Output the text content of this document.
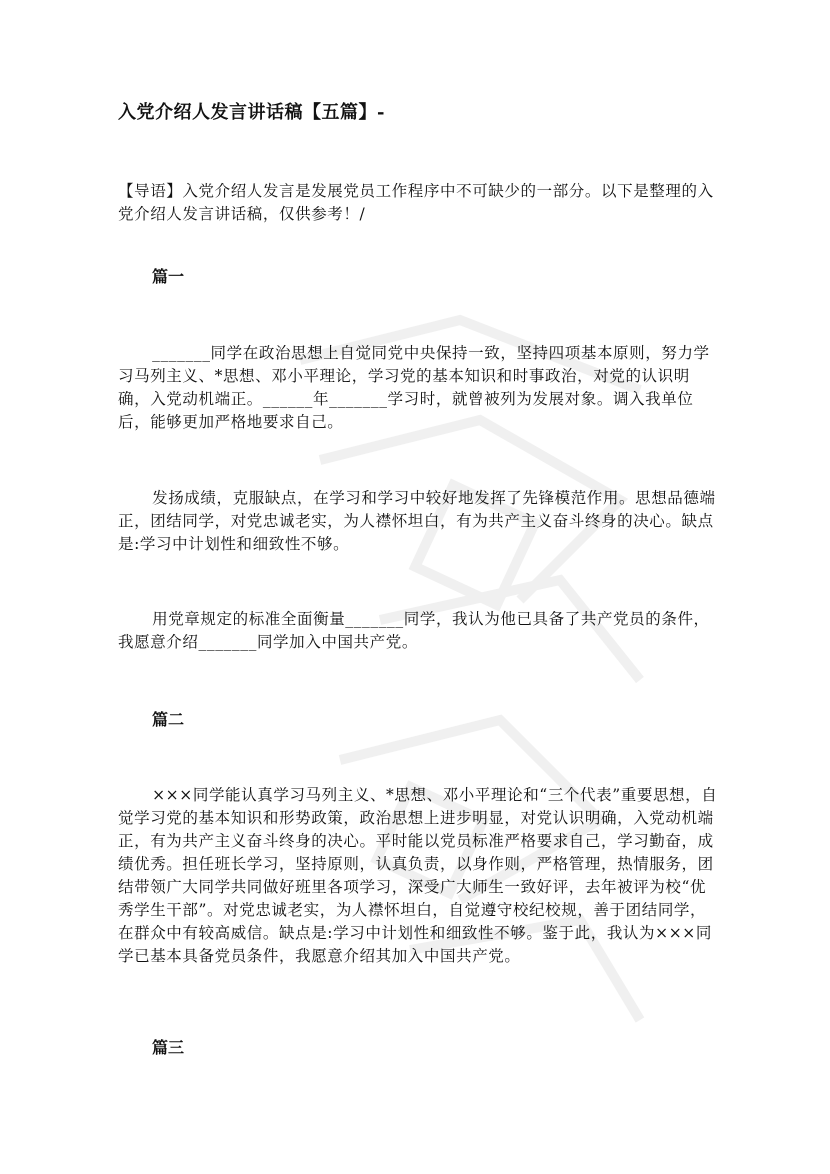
入党介绍人发言讲话稿【五篇】-

【导语】入党介绍人发言是发展党员工作程序中不可缺少的一部分。以下是整理的入党介绍人发言讲话稿，仅供参考！/

篇一

_______同学在政治思想上自觉同党中央保持一致，坚持四项基本原则，努力学习马列主义、*思想、邓小平理论，学习党的基本知识和时事政治，对党的认识明确，入党动机端正。______年_______学习时，就曾被列为发展对象。调入我单位后，能够更加严格地要求自己。

发扬成绩，克服缺点，在学习和学习中较好地发挥了先锋模范作用。思想品德端正，团结同学，对党忠诚老实，为人襟怀坦白，有为共产主义奋斗终身的决心。缺点是:学习中计划性和细致性不够。

用党章规定的标准全面衡量_______同学，我认为他已具备了共产党员的条件，我愿意介绍_______同学加入中国共产党。

篇二

×××同学能认真学习马列主义、*思想、邓小平理论和“三个代表”重要思想，自觉学习党的基本知识和形势政策，政治思想上进步明显，对党认识明确，入党动机端正，有为共产主义奋斗终身的决心。平时能以党员标准严格要求自己，学习勤奋，成绩优秀。担任班长学习，坚持原则，认真负责，以身作则，严格管理，热情服务，团结带领广大同学共同做好班里各项学习，深受广大师生一致好评，去年被评为校“优秀学生干部”。对党忠诚老实，为人襟怀坦白，自觉遵守校纪校规，善于团结同学，在群众中有较高威信。缺点是:学习中计划性和细致性不够。鉴于此，我认为×××同学已基本具备党员条件，我愿意介绍其加入中国共产党。

篇三
